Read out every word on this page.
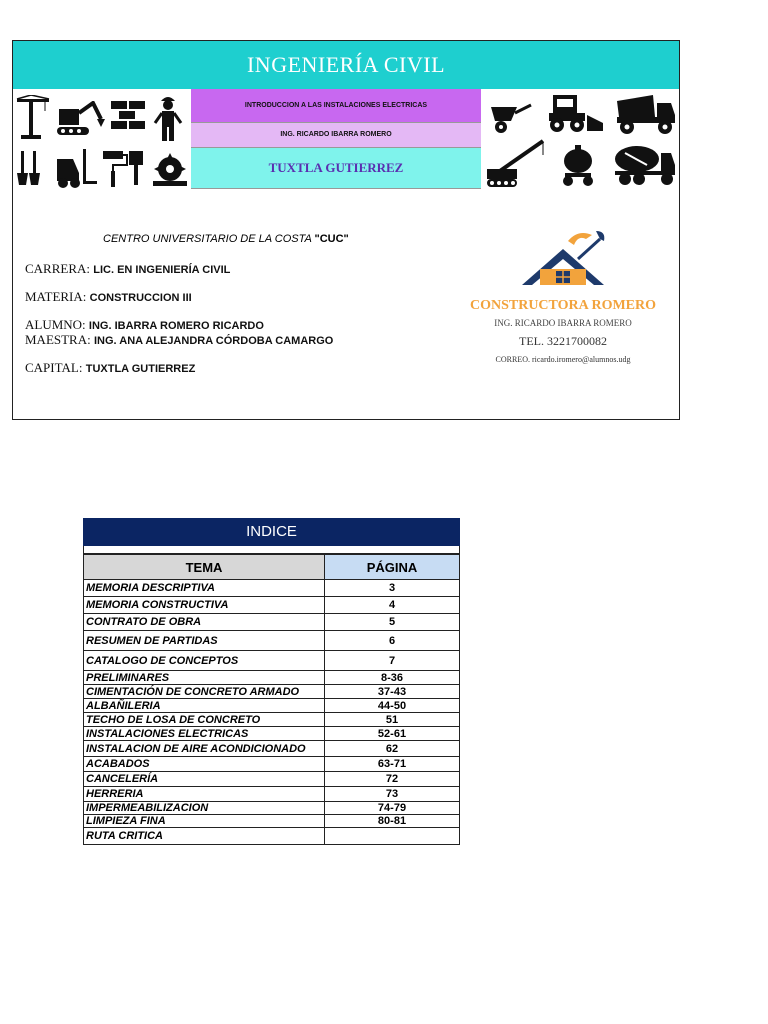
INGENIERÍA CIVIL
INTRODUCCION A LAS INSTALACIONES ELECTRICAS
ING. RICARDO IBARRA ROMERO
TUXTLA GUTIERREZ
CENTRO UNIVERSITARIO DE LA COSTA "CUC"
CARRERA: LIC. EN INGENIERÍA CIVIL
MATERIA: CONSTRUCCION III
ALUMNO: ING. IBARRA ROMERO RICARDO
MAESTRA: ING. ANA ALEJANDRA CÓRDOBA CAMARGO
CAPITAL: TUXTLA GUTIERREZ
CONSTRUCTORA ROMERO
ING. RICARDO IBARRA ROMERO
TEL. 3221700082
CORREO. ricardo.iromero@alumnos.udg
INDICE
TEMA	PÁGINA
MEMORIA DESCRIPTIVA	3
MEMORIA CONSTRUCTIVA	4
CONTRATO DE OBRA	5
RESUMEN DE PARTIDAS	6
CATALOGO DE CONCEPTOS	7
PRELIMINARES	8-36
CIMENTACIÓN DE CONCRETO ARMADO	37-43
ALBAÑILERIA	44-50
TECHO DE LOSA DE CONCRETO	51
INSTALACIONES ELECTRICAS	52-61
INSTALACION DE AIRE ACONDICIONADO	62
ACABADOS	63-71
CANCELERÍA	72
HERRERIA	73
IMPERMEABILIZACION	74-79
LIMPIEZA FINA	80-81
RUTA CRITICA	
